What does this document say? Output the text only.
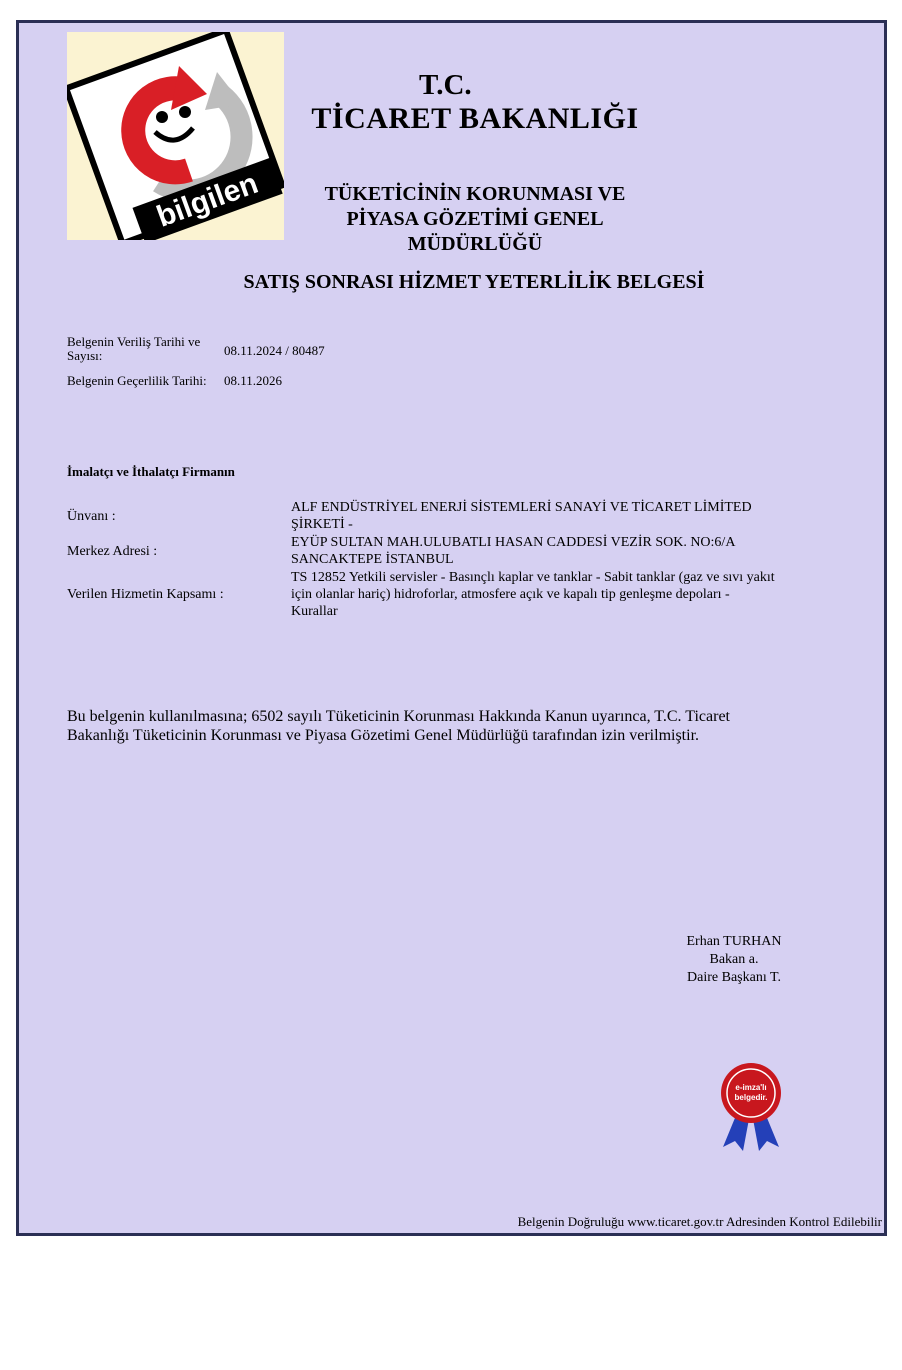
bilgilen
T.C.
TİCARET BAKANLIĞI
TÜKETİCİNİN KORUNMASI VE
PİYASA GÖZETİMİ GENEL
MÜDÜRLÜĞÜ
SATIŞ SONRASI HİZMET YETERLİLİK BELGESİ
Belgenin Veriliş Tarihi ve
Sayısı:	08.11.2024 / 80487
Belgenin Geçerlilik Tarihi: 08.11.2026
İmalatçı ve İthalatçı Firmanın
Ünvanı :
ALF ENDÜSTRİYEL ENERJİ SİSTEMLERİ SANAYİ VE TİCARET LİMİTED
ŞİRKETİ -
Merkez Adresi :
EYÜP SULTAN MAH.ULUBATLI HASAN CADDESİ VEZİR SOK. NO:6/A
SANCAKTEPE İSTANBUL
Verilen Hizmetin Kapsamı :
TS 12852 Yetkili servisler - Basınçlı kaplar ve tanklar - Sabit tanklar (gaz ve sıvı yakıt
için olanlar hariç) hidroforlar, atmosfere açık ve kapalı tip genleşme depoları -
Kurallar
Bu belgenin kullanılmasına; 6502 sayılı Tüketicinin Korunması Hakkında Kanun uyarınca, T.C. Ticaret
Bakanlığı Tüketicinin Korunması ve Piyasa Gözetimi Genel Müdürlüğü tarafından izin verilmiştir.
Erhan TURHAN
Bakan a.
Daire Başkanı T.
e-imza'lı
belgedir.
Belgenin Doğruluğu www.ticaret.gov.tr Adresinden Kontrol Edilebilir
